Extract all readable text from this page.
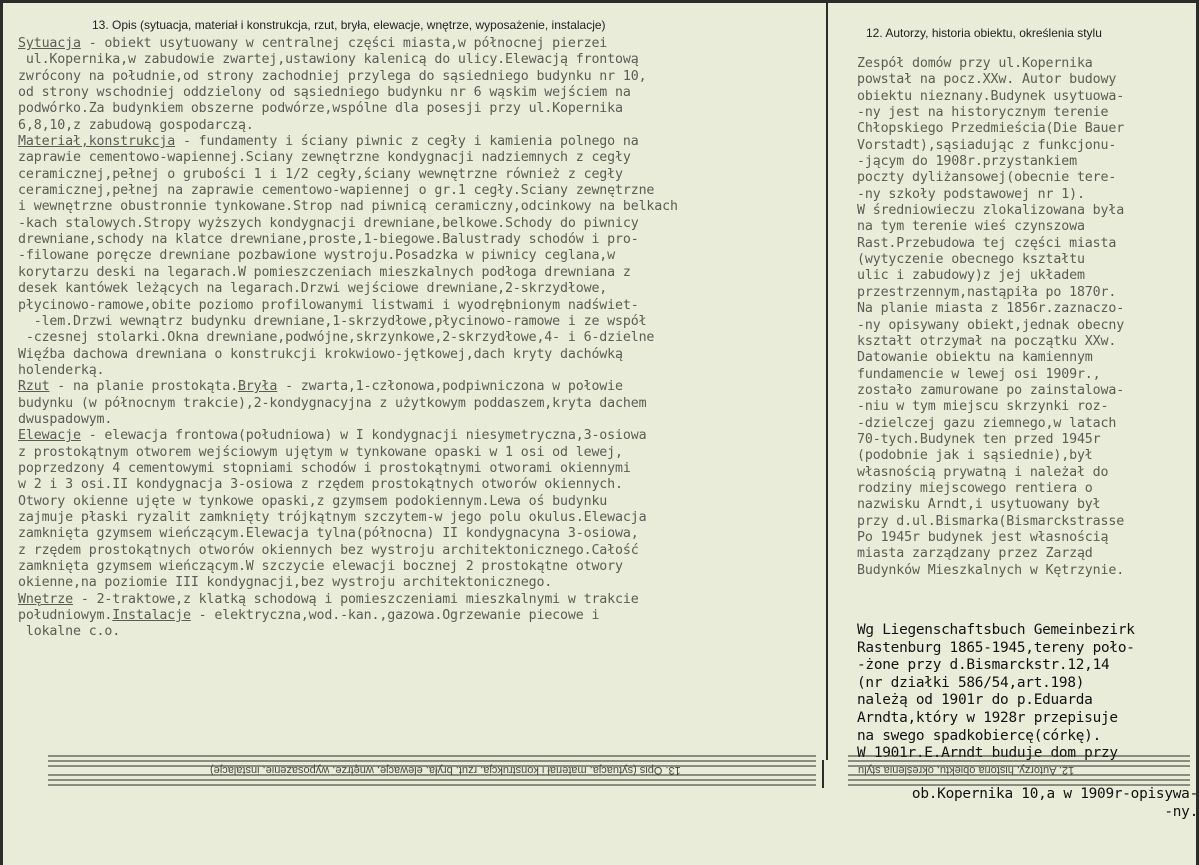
13. Opis (sytuacja, materiał i konstrukcja, rzut, bryła, elewacje, wnętrze, wyposażenie, instalacje)
12. Autorzy, historia obiektu, określenia stylu
Sytuacja - obiekt usytuowany w centralnej części miasta,w północnej pierzei
ul.Kopernika,w zabudowie zwartej,ustawiony kalenicą do ulicy.Elewacją frontową
zwrócony na południe,od strony zachodniej przylega do sąsiedniego budynku nr 10,
od strony wschodniej oddzielony od sąsiedniego budynku nr 6 wąskim wejściem na
podwórko.Za budynkiem obszerne podwórze,wspólne dla posesji przy ul.Kopernika
6,8,10,z zabudową gospodarczą.
Materiał,konstrukcja - fundamenty i ściany piwnic z cegły i kamienia polnego na
zaprawie cementowo-wapiennej.Sciany zewnętrzne kondygnacji nadziemnych z cegły
ceramicznej,pełnej o grubości 1 i 1/2 cegły,ściany wewnętrzne również z cegły
ceramicznej,pełnej na zaprawie cementowo-wapiennej o gr.1 cegły.Sciany zewnętrzne
i wewnętrzne obustronnie tynkowane.Strop nad piwnicą ceramiczny,odcinkowy na belkach
-kach stalowych.Stropy wyższych kondygnacji drewniane,belkowe.Schody do piwnicy
drewniane,schody na klatce drewniane,proste,1-biegowe.Balustrady schodów i pro-
-filowane poręcze drewniane pozbawione wystroju.Posadzka w piwnicy ceglana,w
korytarzu deski na legarach.W pomieszczeniach mieszkalnych podłoga drewniana z
desek kantówek leżących na legarach.Drzwi wejściowe drewniane,2-skrzydłowe,
płycinowo-ramowe,obite poziomo profilowanymi listwami i wyodrębnionym nadświet-
-lem.Drzwi wewnątrz budynku drewniane,1-skrzydłowe,płycinowo-ramowe i ze współ
-czesnej stolarki.Okna drewniane,podwójne,skrzynkowe,2-skrzydłowe,4- i 6-dzielne
Więźba dachowa drewniana o konstrukcji krokwiowo-jętkowej,dach kryty dachówką
holenderką.
Rzut - na planie prostokąta.Bryła - zwarta,1-członowa,podpiwniczona w połowie
budynku (w północnym trakcie),2-kondygnacyjna z użytkowym poddaszem,kryta dachem
dwuspadowym.
Elewacje - elewacja frontowa(południowa) w I kondygnacji niesymetryczna,3-osiowa
z prostokątnym otworem wejściowym ujętym w tynkowane opaski w 1 osi od lewej,
poprzedzony 4 cementowymi stopniami schodów i prostokątnymi otworami okiennymi
w 2 i 3 osi.II kondygnacja 3-osiowa z rzędem prostokątnych otworów okiennych.
Otwory okienne ujęte w tynkowe opaski,z gzymsem podokiennym.Lewa oś budynku
zajmuje płaski ryzalit zamknięty trójkątnym szczytem-w jego polu okulus.Elewacja
zamknięta gzymsem wieńczącym.Elewacja tylna(północna) II kondygnacyna 3-osiowa,
z rzędem prostokątnych otworów okiennych bez wystroju architektonicznego.Całość
zamknięta gzymsem wieńczącym.W szczycie elewacji bocznej 2 prostokątne otwory
okienne,na poziomie III kondygnacji,bez wystroju architektonicznego.
Wnętrze - 2-traktowe,z klatką schodową i pomieszczeniami mieszkalnymi w trakcie
południowym.Instalacje - elektryczna,wod.-kan.,gazowa.Ogrzewanie piecowe i
lokalne c.o.
Zespół domów przy ul.Kopernika
powstał na pocz.XXw. Autor budowy
obiektu nieznany.Budynek usytuowa-
-ny jest na historycznym terenie
Chłopskiego Przedmieścia(Die Bauer
Vorstadt),sąsiadując z funkcjonu-
-jącym do 1908r.przystankiem
poczty dyliżansowej(obecnie tere-
-ny szkoły podstawowej nr 1).
W średniowieczu zlokalizowana była
na tym terenie wieś czynszowa
Rast.Przebudowa tej części miasta
(wytyczenie obecnego kształtu
ulic i zabudowy)z jej układem
przestrzennym,nastąpiła po 1870r.
Na planie miasta z 1856r.zaznaczo-
-ny opisywany obiekt,jednak obecny
kształt otrzymał na początku XXw.
Datowanie obiektu na kamiennym
fundamencie w lewej osi 1909r.,
zostało zamurowane po zainstalowa-
-niu w tym miejscu skrzynki roz-
-dzielczej gazu ziemnego,w latach
70-tych.Budynek ten przed 1945r
(podobnie jak i sąsiednie),był
własnością prywatną i należał do
rodziny miejscowego rentiera o
nazwisku Arndt,i usytuowany był
przy d.ul.Bismarka(Bismarckstrasse
Po 1945r budynek jest własnością
miasta zarządzany przez Zarząd
Budynków Mieszkalnych w Kętrzynie.
Wg Liegenschaftsbuch Gemeinbezirk
Rastenburg 1865-1945,tereny poło-
-żone przy d.Bismarckstr.12,14
(nr działki 586/54,art.198)
należą od 1901r do p.Eduarda
Arndta,który w 1928r przepisuje
na swego spadkobiercę(córkę).
W 1901r.E.Arndt buduje dom przy
ob.Kopernika 10,a w 1909r-opisywa-
-ny.
13. Opis (sytuacja, materiał i konstrukcja, rzut, bryła, elewacje, wnętrze, wyposażenie, instalacje)	12. Autorzy, historia obiektu, określenia stylu
